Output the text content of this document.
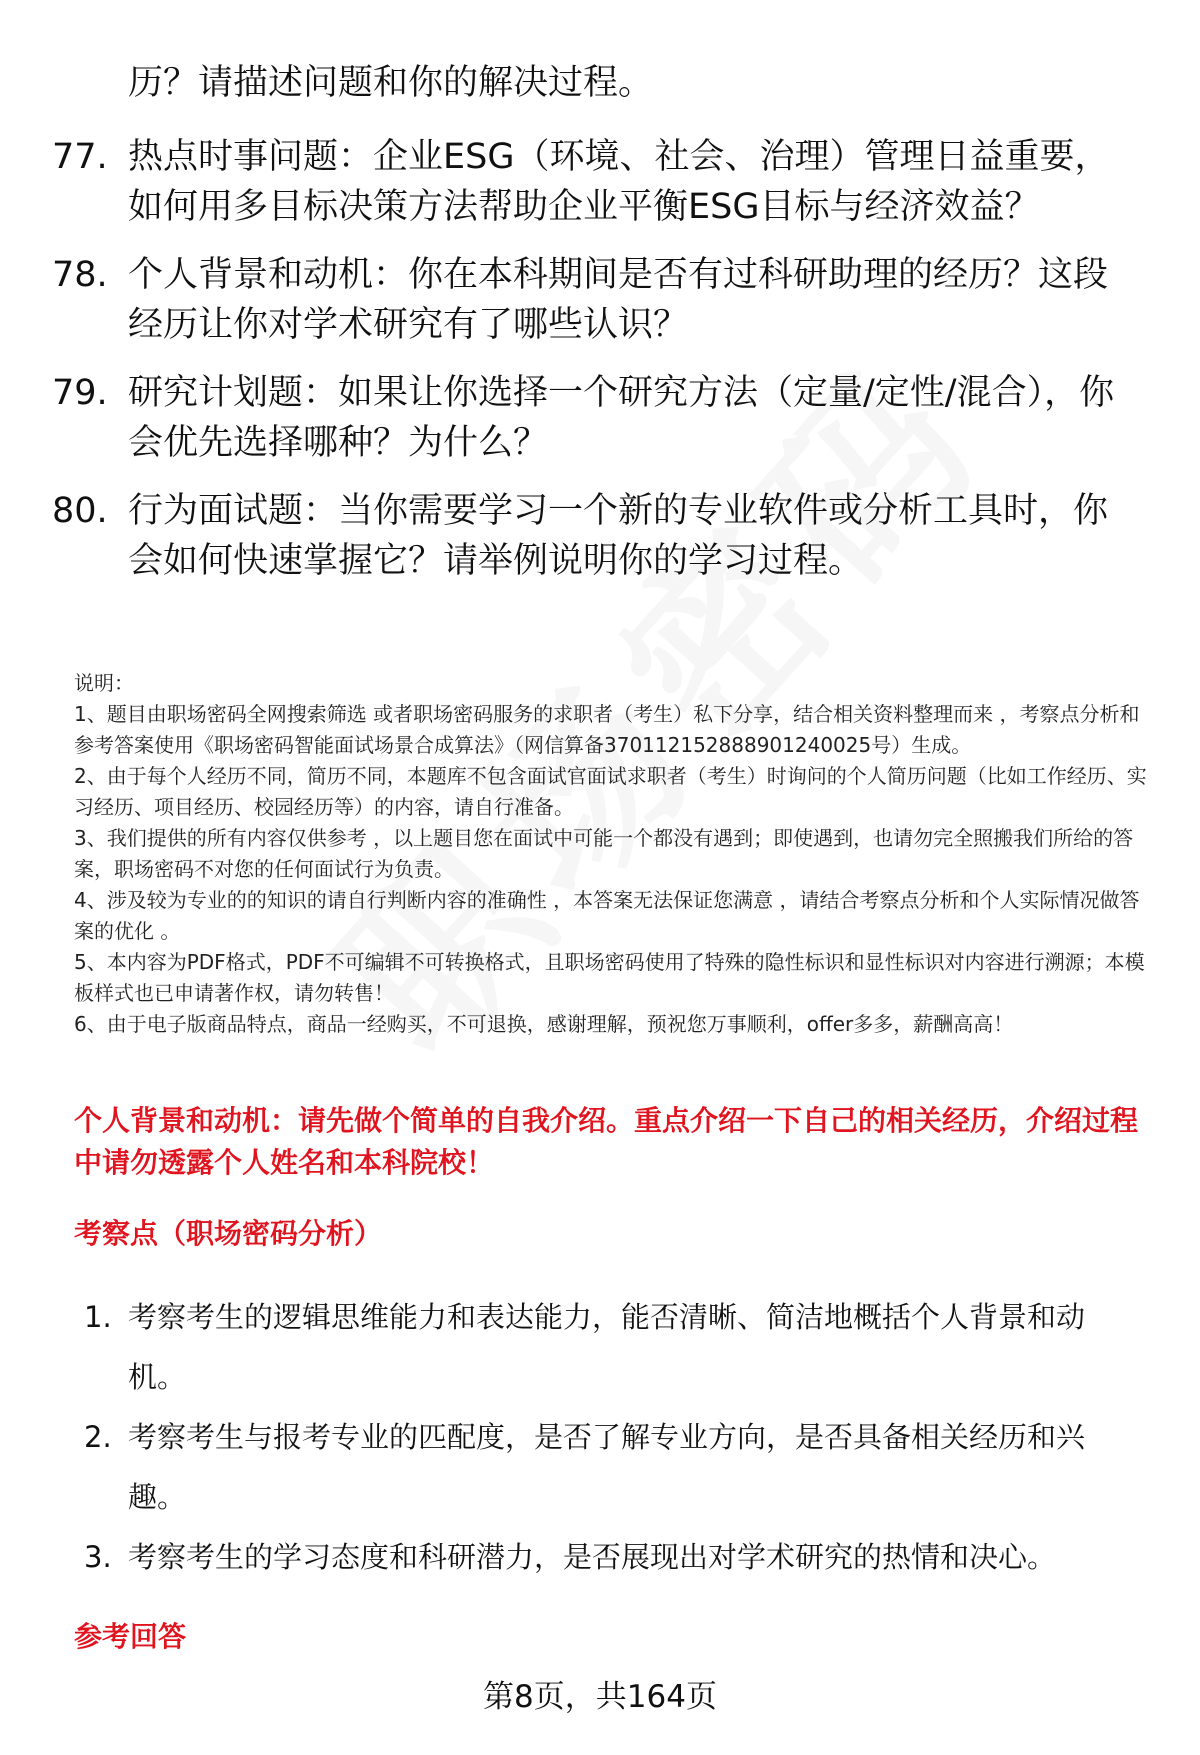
历？请描述问题和你的解决过程。

77. 热点时事问题：企业ESG（环境、社会、治理）管理日益重要，如何用多目标决策方法帮助企业平衡ESG目标与经济效益？
78. 个人背景和动机：你在本科期间是否有过科研助理的经历？这段经历让你对学术研究有了哪些认识？
79. 研究计划题：如果让你选择一个研究方法（定量/定性/混合），你会优先选择哪种？为什么？
80. 行为面试题：当你需要学习一个新的专业软件或分析工具时，你会如何快速掌握它？请举例说明你的学习过程。

说明：

1、题目由职场密码全网搜索筛选 或者职场密码服务的求职者（考生）私下分享，结合相关资料整理而来 ，考察点分析和参考答案使用《职场密码智能面试场景合成算法》（网信算备370112152888901240025号）生成。

2、由于每个人经历不同，简历不同，本题库不包含面试官面试求职者（考生）时询问的个人简历问题（比如工作经历、实习经历、项目经历、校园经历等）的内容，请自行准备。

3、我们提供的所有内容仅供参考 ，以上题目您在面试中可能一个都没有遇到；即使遇到，也请勿完全照搬我们所给的答案，职场密码不对您的任何面试行为负责。

4、涉及较为专业的的知识的请自行判断内容的准确性 ，本答案无法保证您满意 ，请结合考察点分析和个人实际情况做答案的优化 。

5、本内容为PDF格式，PDF不可编辑不可转换格式，且职场密码使用了特殊的隐性标识和显性标识对内容进行溯源；本模板样式也已申请著作权，请勿转售！

6、由于电子版商品特点，商品一经购买，不可退换，感谢理解，预祝您万事顺利，offer多多，薪酬高高！

个人背景和动机：请先做个简单的自我介绍。重点介绍一下自己的相关经历，介绍过程中请勿透露个人姓名和本科院校！

考察点（职场密码分析）
1. 考察考生的逻辑思维能力和表达能力，能否清晰、简洁地概括个人背景和动机。
2. 考察考生与报考专业的匹配度，是否了解专业方向，是否具备相关经历和兴趣。
3. 考察考生的学习态度和科研潜力，是否展现出对学术研究的热情和决心。
参考回答
第8页，共164页
